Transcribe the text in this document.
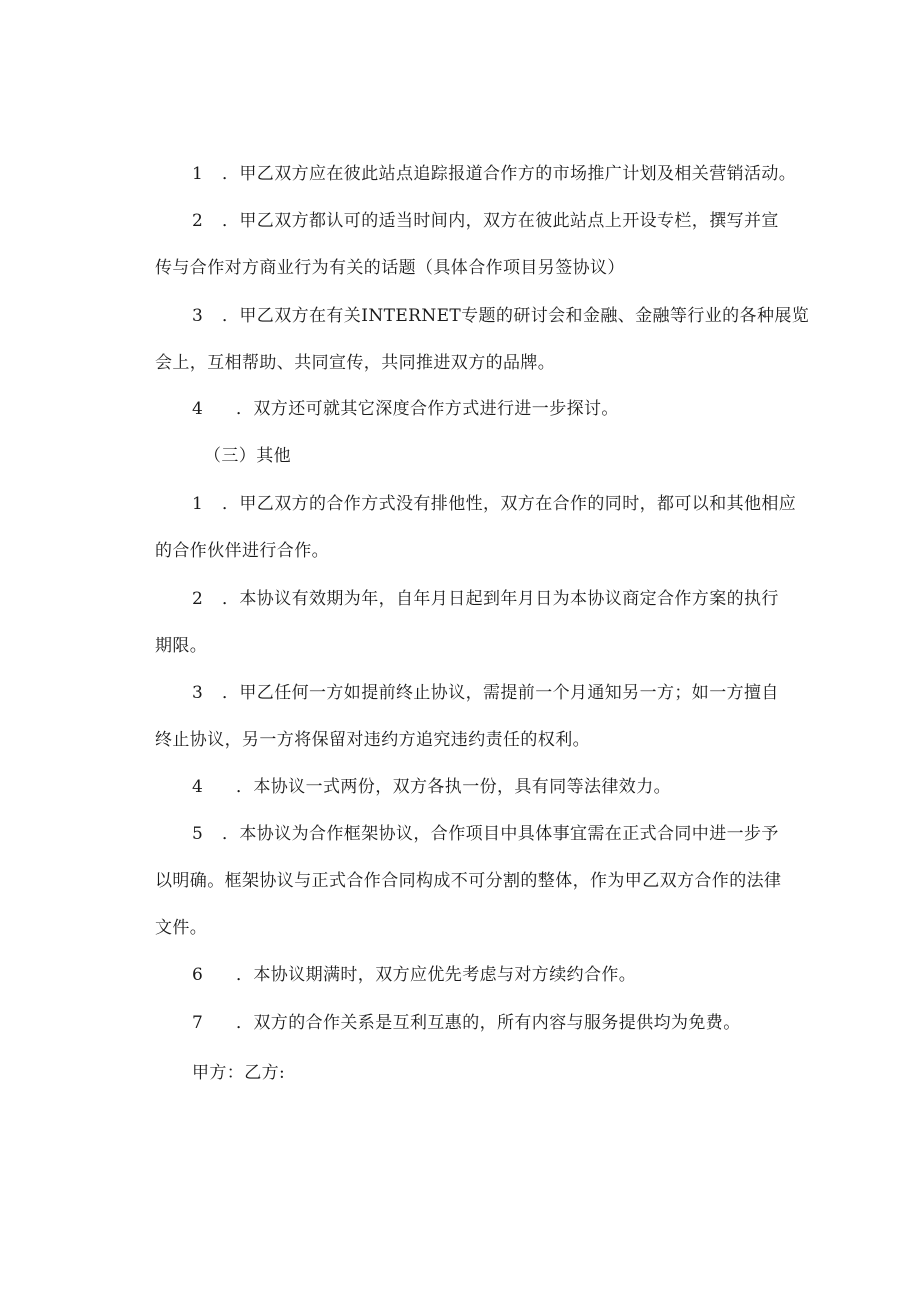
1 ．甲乙双方应在彼此站点追踪报道合作方的市场推广计划及相关营销活动。
2 ．甲乙双方都认可的适当时间内，双方在彼此站点上开设专栏，撰写并宣
传与合作对方商业行为有关的话题（具体合作项目另签协议）
3 ．甲乙双方在有关INTERNET专题的研讨会和金融、金融等行业的各种展览
会上，互相帮助、共同宣传，共同推进双方的品牌。
4 ．双方还可就其它深度合作方式进行进一步探讨。
（三）其他
1 ．甲乙双方的合作方式没有排他性，双方在合作的同时，都可以和其他相应
的合作伙伴进行合作。
2 ．本协议有效期为年，自年月日起到年月日为本协议商定合作方案的执行
期限。
3 ．甲乙任何一方如提前终止协议，需提前一个月通知另一方；如一方擅自
终止协议，另一方将保留对违约方追究违约责任的权利。
4 ．本协议一式两份，双方各执一份，具有同等法律效力。
5 ．本协议为合作框架协议，合作项目中具体事宜需在正式合同中进一步予
以明确。框架协议与正式合作合同构成不可分割的整体，作为甲乙双方合作的法律
文件。
6 ．本协议期满时，双方应优先考虑与对方续约合作。
7 ．双方的合作关系是互利互惠的，所有内容与服务提供均为免费。
甲方：乙方:
